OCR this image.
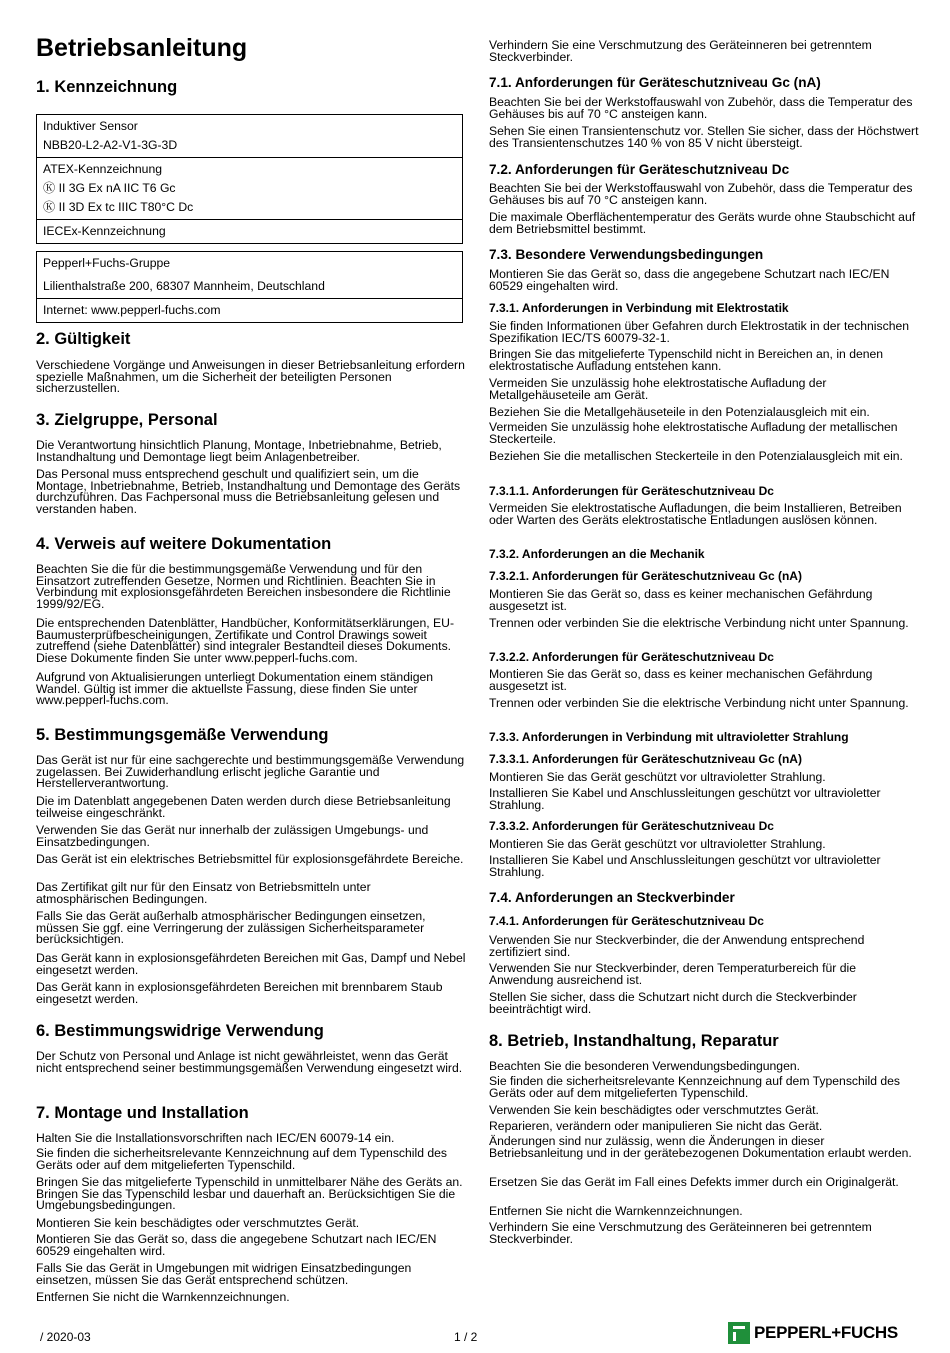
Betriebsanleitung
1. Kennzeichnung
Induktiver Sensor
NBB20-L2-A2-V1-3G-3D
ATEX-Kennzeichnung
Ⓚ II 3G Ex nA IIC T6 Gc
Ⓚ II 3D Ex tc IIIC T80°C Dc
IECEx-Kennzeichnung
Pepperl+Fuchs-Gruppe
Lilienthalstraße 200, 68307 Mannheim, Deutschland
Internet: www.pepperl-fuchs.com
2. Gültigkeit

Verschiedene Vorgänge und Anweisungen in dieser Betriebsanleitung erfordern spezielle Maßnahmen, um die Sicherheit der beteiligten Personen sicherzustellen.

3. Zielgruppe, Personal

Die Verantwortung hinsichtlich Planung, Montage, Inbetriebnahme, Betrieb, Instandhaltung und Demontage liegt beim Anlagenbetreiber.

Das Personal muss entsprechend geschult und qualifiziert sein, um die Montage, Inbetriebnahme, Betrieb, Instandhaltung und Demontage des Geräts durchzuführen. Das Fachpersonal muss die Betriebsanleitung gelesen und verstanden haben.

4. Verweis auf weitere Dokumentation

Beachten Sie die für die bestimmungsgemäße Verwendung und für den Einsatzort zutreffenden Gesetze, Normen und Richtlinien. Beachten Sie in Verbindung mit explosionsgefährdeten Bereichen insbesondere die Richtlinie 1999/92/EG.

Die entsprechenden Datenblätter, Handbücher, Konformitätserklärungen, EU-Baumusterprüfbescheinigungen, Zertifikate und Control Drawings soweit zutreffend (siehe Datenblätter) sind integraler Bestandteil dieses Dokuments. Diese Dokumente finden Sie unter www.pepperl-fuchs.com.

Aufgrund von Aktualisierungen unterliegt Dokumentation einem ständigen Wandel. Gültig ist immer die aktuellste Fassung, diese finden Sie unter www.pepperl-fuchs.com.

5. Bestimmungsgemäße Verwendung

Das Gerät ist nur für eine sachgerechte und bestimmungsgemäße Verwendung zugelassen. Bei Zuwiderhandlung erlischt jegliche Garantie und Herstellerverantwortung.

Die im Datenblatt angegebenen Daten werden durch diese Betriebsanleitung teilweise eingeschränkt.

Verwenden Sie das Gerät nur innerhalb der zulässigen Umgebungs- und Einsatzbedingungen.

Das Gerät ist ein elektrisches Betriebsmittel für explosionsgefährdete Bereiche.

Das Zertifikat gilt nur für den Einsatz von Betriebsmitteln unter atmosphärischen Bedingungen.

Falls Sie das Gerät außerhalb atmosphärischer Bedingungen einsetzen, müssen Sie ggf. eine Verringerung der zulässigen Sicherheitsparameter berücksichtigen.

Das Gerät kann in explosionsgefährdeten Bereichen mit Gas, Dampf und Nebel eingesetzt werden.

Das Gerät kann in explosionsgefährdeten Bereichen mit brennbarem Staub eingesetzt werden.

6. Bestimmungswidrige Verwendung

Der Schutz von Personal und Anlage ist nicht gewährleistet, wenn das Gerät nicht entsprechend seiner bestimmungsgemäßen Verwendung eingesetzt wird.

7. Montage und Installation

Halten Sie die Installationsvorschriften nach IEC/EN 60079-14 ein.

Sie finden die sicherheitsrelevante Kennzeichnung auf dem Typenschild des Geräts oder auf dem mitgelieferten Typenschild.

Bringen Sie das mitgelieferte Typenschild in unmittelbarer Nähe des Geräts an. Bringen Sie das Typenschild lesbar und dauerhaft an. Berücksichtigen Sie die Umgebungsbedingungen.

Montieren Sie kein beschädigtes oder verschmutztes Gerät.

Montieren Sie das Gerät so, dass die angegebene Schutzart nach IEC/EN 60529 eingehalten wird.

Falls Sie das Gerät in Umgebungen mit widrigen Einsatzbedingungen einsetzen, müssen Sie das Gerät entsprechend schützen.

Entfernen Sie nicht die Warnkennzeichnungen.

Verhindern Sie eine Verschmutzung des Geräteinneren bei getrenntem Steckverbinder.

7.1. Anforderungen für Geräteschutzniveau Gc (nA)

Beachten Sie bei der Werkstoffauswahl von Zubehör, dass die Temperatur des Gehäuses bis auf 70 °C ansteigen kann.

Sehen Sie einen Transientenschutz vor. Stellen Sie sicher, dass der Höchstwert des Transientenschutzes 140 % von 85 V nicht übersteigt.

7.2. Anforderungen für Geräteschutzniveau Dc

Beachten Sie bei der Werkstoffauswahl von Zubehör, dass die Temperatur des Gehäuses bis auf 70 °C ansteigen kann.

Die maximale Oberflächentemperatur des Geräts wurde ohne Staubschicht auf dem Betriebsmittel bestimmt.

7.3. Besondere Verwendungsbedingungen

Montieren Sie das Gerät so, dass die angegebene Schutzart nach IEC/EN 60529 eingehalten wird.

7.3.1. Anforderungen in Verbindung mit Elektrostatik

Sie finden Informationen über Gefahren durch Elektrostatik in der technischen Spezifikation IEC/TS 60079-32-1.

Bringen Sie das mitgelieferte Typenschild nicht in Bereichen an, in denen elektrostatische Aufladung entstehen kann.

Vermeiden Sie unzulässig hohe elektrostatische Aufladung der Metallgehäuseteile am Gerät.

Beziehen Sie die Metallgehäuseteile in den Potenzialausgleich mit ein.

Vermeiden Sie unzulässig hohe elektrostatische Aufladung der metallischen Steckerteile.

Beziehen Sie die metallischen Steckerteile in den Potenzialausgleich mit ein.

7.3.1.1. Anforderungen für Geräteschutzniveau Dc

Vermeiden Sie elektrostatische Aufladungen, die beim Installieren, Betreiben oder Warten des Geräts elektrostatische Entladungen auslösen können.

7.3.2. Anforderungen an die Mechanik
7.3.2.1. Anforderungen für Geräteschutzniveau Gc (nA)

Montieren Sie das Gerät so, dass es keiner mechanischen Gefährdung ausgesetzt ist.

Trennen oder verbinden Sie die elektrische Verbindung nicht unter Spannung.

7.3.2.2. Anforderungen für Geräteschutzniveau Dc

Montieren Sie das Gerät so, dass es keiner mechanischen Gefährdung ausgesetzt ist.

Trennen oder verbinden Sie die elektrische Verbindung nicht unter Spannung.

7.3.3. Anforderungen in Verbindung mit ultravioletter Strahlung
7.3.3.1. Anforderungen für Geräteschutzniveau Gc (nA)

Montieren Sie das Gerät geschützt vor ultravioletter Strahlung.

Installieren Sie Kabel und Anschlussleitungen geschützt vor ultravioletter Strahlung.

7.3.3.2. Anforderungen für Geräteschutzniveau Dc

Montieren Sie das Gerät geschützt vor ultravioletter Strahlung.

Installieren Sie Kabel und Anschlussleitungen geschützt vor ultravioletter Strahlung.

7.4. Anforderungen an Steckverbinder
7.4.1. Anforderungen für Geräteschutzniveau Dc

Verwenden Sie nur Steckverbinder, die der Anwendung entsprechend zertifiziert sind.

Verwenden Sie nur Steckverbinder, deren Temperaturbereich für die Anwendung ausreichend ist.

Stellen Sie sicher, dass die Schutzart nicht durch die Steckverbinder beeinträchtigt wird.

8. Betrieb, Instandhaltung, Reparatur

Beachten Sie die besonderen Verwendungsbedingungen.

Sie finden die sicherheitsrelevante Kennzeichnung auf dem Typenschild des Geräts oder auf dem mitgelieferten Typenschild.

Verwenden Sie kein beschädigtes oder verschmutztes Gerät.

Reparieren, verändern oder manipulieren Sie nicht das Gerät.

Änderungen sind nur zulässig, wenn die Änderungen in dieser Betriebsanleitung und in der gerätebezogenen Dokumentation erlaubt werden.

Ersetzen Sie das Gerät im Fall eines Defekts immer durch ein Originalgerät.

Entfernen Sie nicht die Warnkennzeichnungen.

Verhindern Sie eine Verschmutzung des Geräteinneren bei getrenntem Steckverbinder.

/ 2020-03	1 / 2	PEPPERL+FUCHS
